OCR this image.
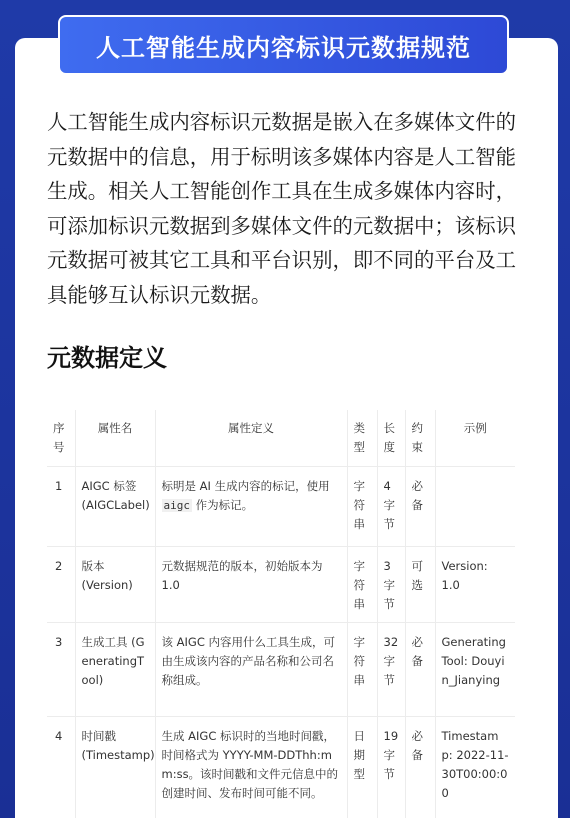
人工智能生成内容标识元数据规范

人工智能生成内容标识元数据是嵌入在多媒体文件的元数据中的信息，用于标明该多媒体内容是人工智能生成。相关人工智能创作工具在生成多媒体内容时，可添加标识元数据到多媒体文件的元数据中；该标识元数据可被其它工具和平台识别，即不同的平台及工具能够互认标识元数据。

元数据定义
序号	属性名	属性定义	类型	长度	约束	示例
1	AIGC 标签 (AIGCLabel)	标明是 AI 生成内容的标记，使用 aigc 作为标记。	字符串	4字节	必备	

2	版本 (Version)	元数据规范的版本，初始版本为 1.0	字符串	3字节	可选	Version: 1.0
3	生成工具 (GeneratingTool)	该 AIGC 内容用什么工具生成，可由生成该内容的产品名称和公司名称组成。	字符串	32字节	必备	Generating Tool: Douyin_Jianying
4	时间戳 (Timestamp)	生成 AIGC 标识时的当地时间戳，时间格式为 YYYY-MM-DDThh:mm:ss。该时间戳和文件元信息中的创建时间、发布时间可能不同。	日期型	19字节	必备	Timestamp: 2022-11-30T00:00:00
